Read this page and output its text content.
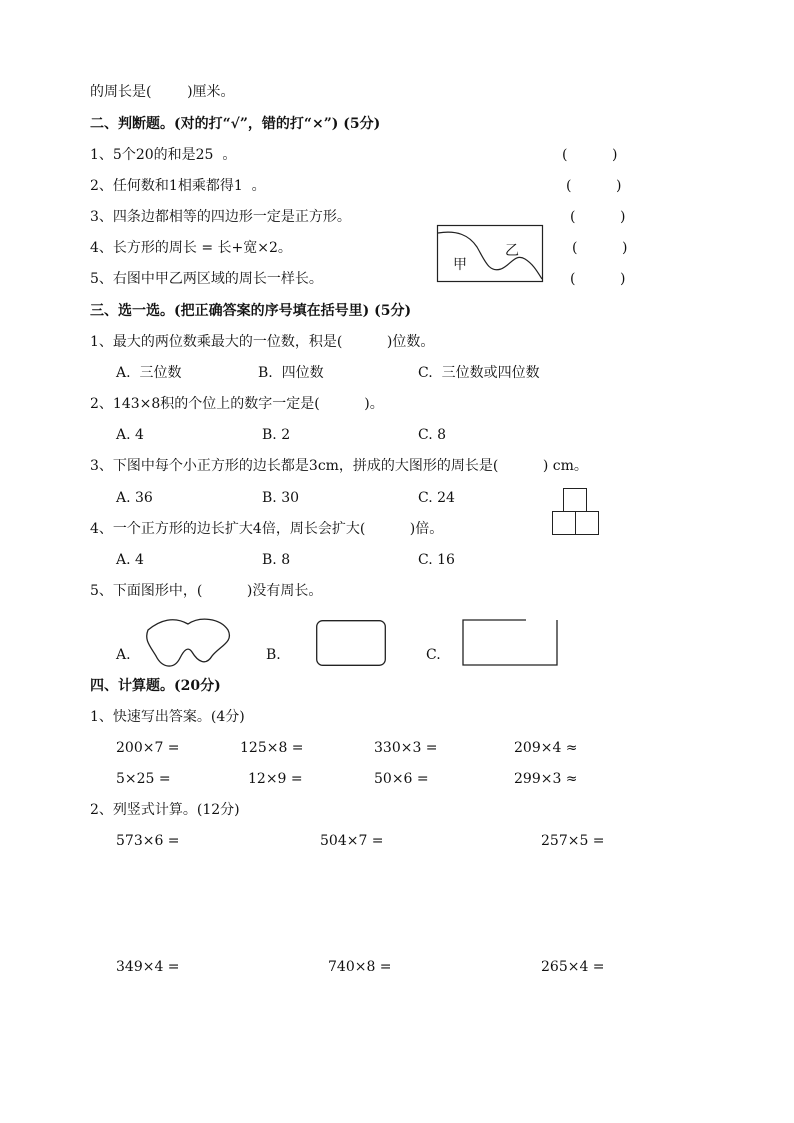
的周长是(        )厘米。
二、判断题。(对的打“√”，错的打“×”) (5分)
1、5个20的和是25  。	(          )
2、任何数和1相乘都得1  。	(          )
3、四条边都相等的四边形一定是正方形。	(          )
4、长方形的周长 = 长+宽×2。	(          )
5、右图中甲乙两区域的周长一样长。	(          )
甲
乙
三、选一选。(把正确答案的序号填在括号里) (5分)
1、最大的两位数乘最大的一位数，积是(          )位数。
A.  三位数	B.  四位数	C.  三位数或四位数
2、143×8积的个位上的数字一定是(          )。
A. 4	B. 2	C. 8
3、下图中每个小正方形的边长都是3cm，拼成的大图形的周长是(          ) cm。
A. 36	B. 30	C. 24
4、一个正方形的边长扩大4倍，周长会扩大(          )倍。
A. 4	B. 8	C. 16
5、下面图形中，(          )没有周长。
A.	B.	C.
四、计算题。(20分)
1、快速写出答案。(4分)
200×7 =	125×8 =	330×3 =	209×4 ≈
5×25 =	12×9 =	50×6 =	299×3 ≈
2、列竖式计算。(12分)
573×6 =	504×7 =	257×5 =
349×4 =	740×8 =	265×4 =
